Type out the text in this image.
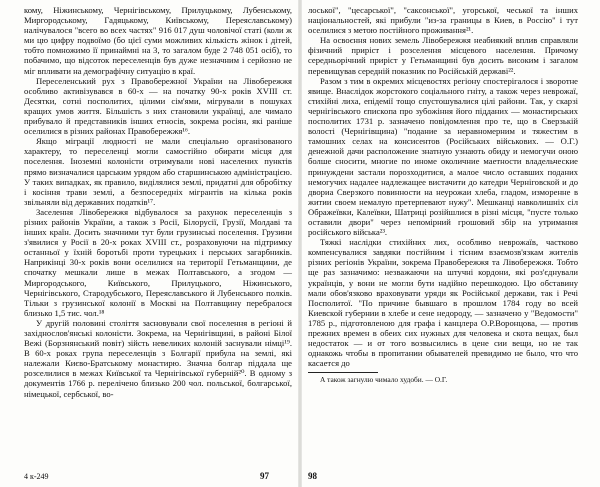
кому, Ніжинському, Чернігівському, Прилуцькому, Лубенському, Миргородському, Гадяцькому, Київському, Переяславському) налічувалося "всего во всех частях" 916 017 душ чоловічої статі (коли ж ми цю цифру подвоїмо (бо цієї суми можливих кількість жінок і дітей, тобто помножимо її принаймні на 3, то загалом буде 2 748 051 осіб), то побачимо, що відсоток переселенців був дуже незначним і серйозно не міг впливати на демографічну ситуацію в краї.

Переселенський рух з Правобережної України на Лівобережжя особливо активізувався в 60-х — на початку 90-х років XVIII ст. Десятки, сотні посполитих, цілими сім'ями, мігрували в пошуках кращих умов життя. Більшість з них становили українці, але чимало прибувало й представників інших етносів, зокрема росіян, які раніше оселилися в різних районах Правобережжя¹⁶.

Якщо міграції людності не мали спеціально організованого характеру, то переселенці могли самостійно обирати місця для поселення. Іноземні колоністи отримували нові населених пунктів прямо визначалися царським урядом або старшинською адміністрацією. У таких випадках, як правило, виділялися землі, придатні для обробітку і косіння трави землі, а безпосередніх мігрантів на кілька років звільняли від державних податків¹⁷.

Заселення Лівобережжя відбувалося за рахунок переселенців з різних районів України, а також з Росії, Білорусії, Грузії, Молдаві та інших країн. Досить значними тут були грузинські поселення. Грузини з'явилися у Росії в 20-х роках XVIII ст., розраховуючи на підтримку останньої у їхній боротьбі проти турецьких і перських загарбників. Наприкінці 30-х років вони оселилися на території Гетьманщини, де спочатку мешкали лише в межах Полтавського, а згодом — Миргородського, Київського, Прилуцького, Ніжинського, Чернігівського, Стародубського, Переяславського й Лубенського полків. Тільки з грузинської колонії в Москві на Полтавщину перебралося близько 1,5 тис. чол.¹⁸

У другій половині століття засновували свої поселення в регіоні й західнослов'янські колоністи. Зокрема, на Чернігівщині, в районі Білої Вежі (Борзнянський повіт) зійсть невеликих колоній заснували німці¹⁹. В 60-х роках група переселенців з Болгарії прибула на землі, які належали Києво-Братському монастирю. Значна болгар піддала ще розселилися в межах Київської та Чернігівської губерній²⁰. В одному з документів 1766 р. перелічено близько 200 чол. польської, болгарської, німецької, сербської, во-

4 к-249	97

лоської", "цесарської", "саксонської", угорської, чеської та інших національностей, які прибули "из-за границы в Киев, в Россію" і тут оселилися з метою постійного проживання²¹.

На освоєння нових земель Лівобережжя неабиякий вплив справляли фізичний приріст і розселення місцевого населення. Причому середньорічний приріст у Гетьманщині був досить високим і загалом перевищував середній показник по Російській державі²².

Разом з тим в окремих місцевостях регіону спостерігалося і зворотне явище. Внаслідок жорстокого соціального гніту, а також через неврожаї, стихійні лиха, епідемії тощо спустошувалися цілі райони. Так, у скарзі чернігівського єпископа про зубожіння його підданих — монастирських посполитих 1731 р. зазначено повідомлення про те, що в Сверзькій волості (Чернігівщина) "подание за неравномерним и тяжестим в тамошних селах на консисентов (Російських військових. — О.Г.) денежной дачи расположение знатную узнають обиду и немогучи оною болше сносити, многие по иноме околичние маетности владельческие принуждени застали порозходитися, а малое число оставших поданих немогучих надалее надлежащее вистачити до катедри Черніговской и до двориа Сверзкого повинности на неурожаи хлеба, гладом, изморенне в житии своем немалую претерпевают нужу". Мешканці навколишніх сіл Ображеївки, Калеївки, Шатриці розійшлися в різні місця, "пусте только оставили двори" через непомірний грошовий збір на утримання російського війська²³.

Тяжкі наслідки стихійних лих, особливо неврожаїв, частково компенсувалися завдяки постійним і тісним взаємозв'язкам жителів різних регіонів України, зокрема Правобережжя та Лівобережжя. Тобто ще раз зазначимо: незважаючи на штучні кордони, які роз'єднували українців, у вони не могли бути надійно перешкодою. Цю обставину мали обов'язково враховувати уряди як Російської держави, так і Речі Посполитої. "По причине бывшаго в прошлом 1784 году во всей Киевской губернии в хлебе и сене недороду, — зазначено у "Ведомости" 1785 р., підготовленою для графа і канцлера О.Р.Воронцова, — против прежних времен в обеих сих нужных для человека и скота вещах, был недостаток — и от того возвысились в цене сии вещи, но не так однакожь чтобы в пропитании обывателей превидимо не было, что что касается до

А також загнулю чимало худоби. — О.Г.
98
